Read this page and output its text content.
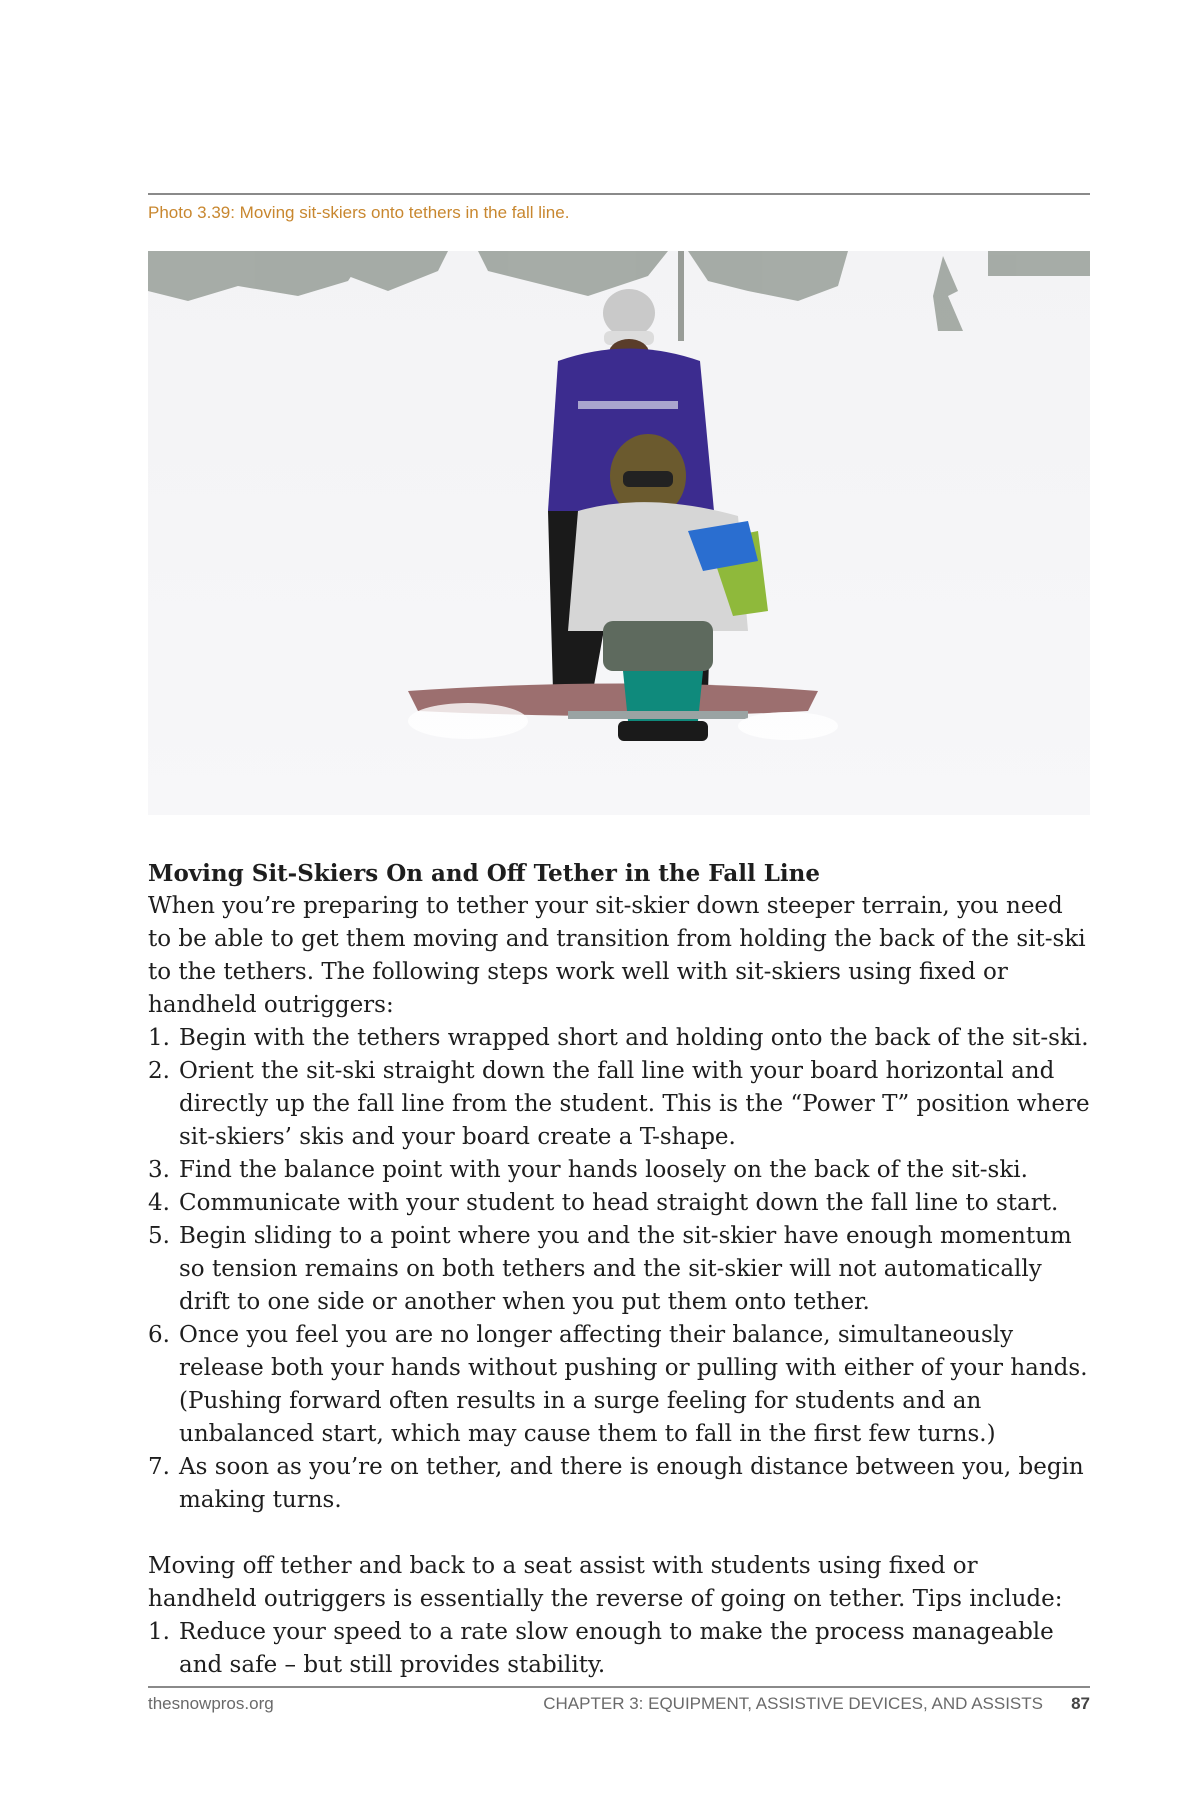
Photo 3.39: Moving sit-skiers onto tethers in the fall line.

Moving Sit-Skiers On and Off Tether in the Fall Line

When you’re preparing to tether your sit-skier down steeper terrain, you need to be able to get them moving and transition from holding the back of the sit-ski to the tethers. The following steps work well with sit-skiers using fixed or handheld outriggers:

1. Begin with the tethers wrapped short and holding onto the back of the sit-ski.
2. Orient the sit-ski straight down the fall line with your board horizontal and directly up the fall line from the student. This is the “Power T” position where sit-skiers’ skis and your board create a T-shape.
3. Find the balance point with your hands loosely on the back of the sit-ski.
4. Communicate with your student to head straight down the fall line to start.
5. Begin sliding to a point where you and the sit-skier have enough momentum so tension remains on both tethers and the sit-skier will not automatically drift to one side or another when you put them onto tether.
6. Once you feel you are no longer affecting their balance, simultaneously release both your hands without pushing or pulling with either of your hands. (Pushing forward often results in a surge feeling for students and an unbalanced start, which may cause them to fall in the first few turns.)
7. As soon as you’re on tether, and there is enough distance between you, begin making turns.

Moving off tether and back to a seat assist with students using fixed or handheld outriggers is essentially the reverse of going on tether. Tips include:

1. Reduce your speed to a rate slow enough to make the process manageable and safe – but still provides stability.
thesnowpros.org	CHAPTER 3: EQUIPMENT, ASSISTIVE DEVICES, AND ASSISTS 87
